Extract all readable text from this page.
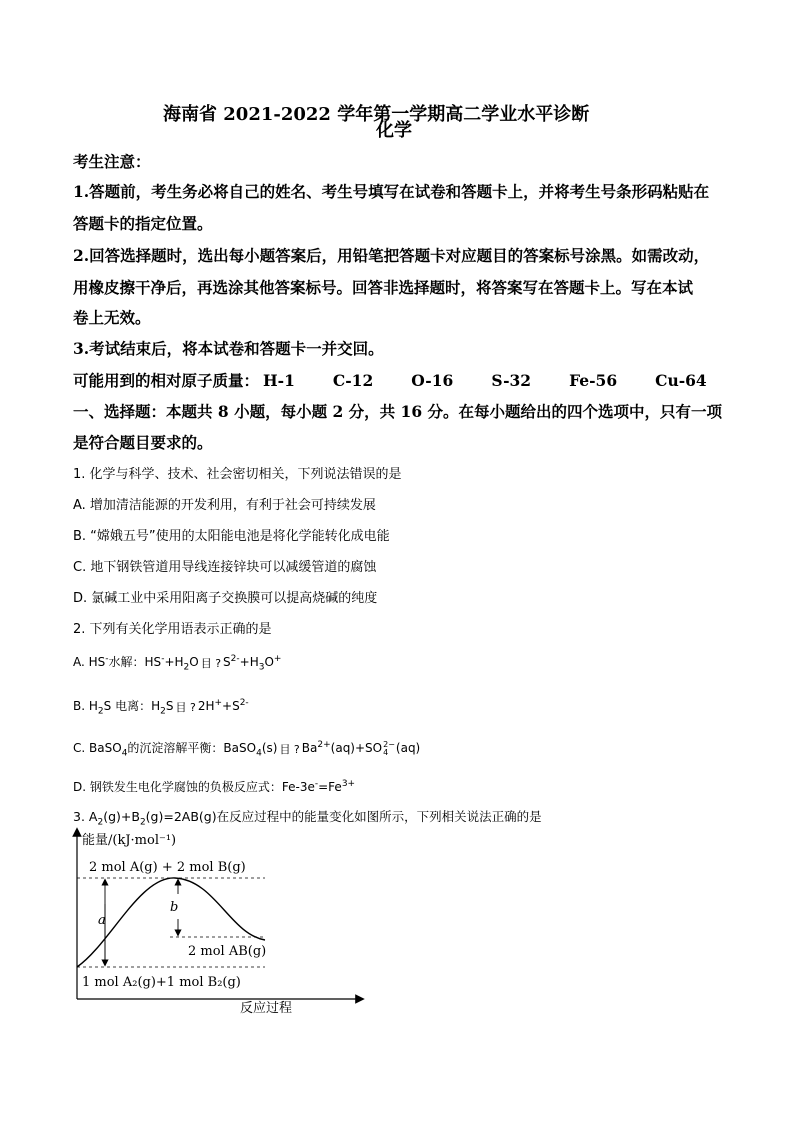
海南省 2021-2022 学年第一学期高二学业水平诊断
化学
考生注意：
1.答题前，考生务必将自己的姓名、考生号填写在试卷和答题卡上，并将考生号条形码粘贴在
答题卡的指定位置。
2.回答选择题时，选出每小题答案后，用铅笔把答题卡对应题目的答案标号涂黑。如需改动，
用橡皮擦干净后，再选涂其他答案标号。回答非选择题时，将答案写在答题卡上。写在本试
卷上无效。
3.考试结束后，将本试卷和答题卡一并交回。
可能用到的相对原子质量： H-1 C-12 O-16 S-32 Fe-56 Cu-64
一、选择题：本题共 8 小题，每小题 2 分，共 16 分。在每小题给出的四个选项中，只有一项
是符合题目要求的。
1. 化学与科学、技术、社会密切相关，下列说法错误的是
A. 增加清洁能源的开发利用，有利于社会可持续发展
B. “嫦娥五号”使用的太阳能电池是将化学能转化成电能
C. 地下钢铁管道用导线连接锌块可以减缓管道的腐蚀
D. 氯碱工业中采用阳离子交换膜可以提高烧碱的纯度
2. 下列有关化学用语表示正确的是
A. HS-水解：$HS^-+H_2O$ 目 ? $S^{2-}+H_3O^+$
B. $H_2S$ 电离：$H_2S$ 目 ? $2H^++S^{2-}$
C. BaSO$_4$的沉淀溶解平衡：BaSO$_4$(s) 目 ? $Ba^{2+}(aq)+SO$ 2−
4 (aq)
D. 钢铁发生电化学腐蚀的负极反应式：$Fe-3e^-=Fe^{3+}$
3. $A_2(g)+B_2(g)=2AB(g)$在反应过程中的能量变化如图所示，下列相关说法正确的是
能量/(kJ·mol⁻¹)
反应过程
2 mol A(g) + 2 mol B(g)
2 mol AB(g)
1 mol A₂(g)+1 mol B₂(g)
a
b
